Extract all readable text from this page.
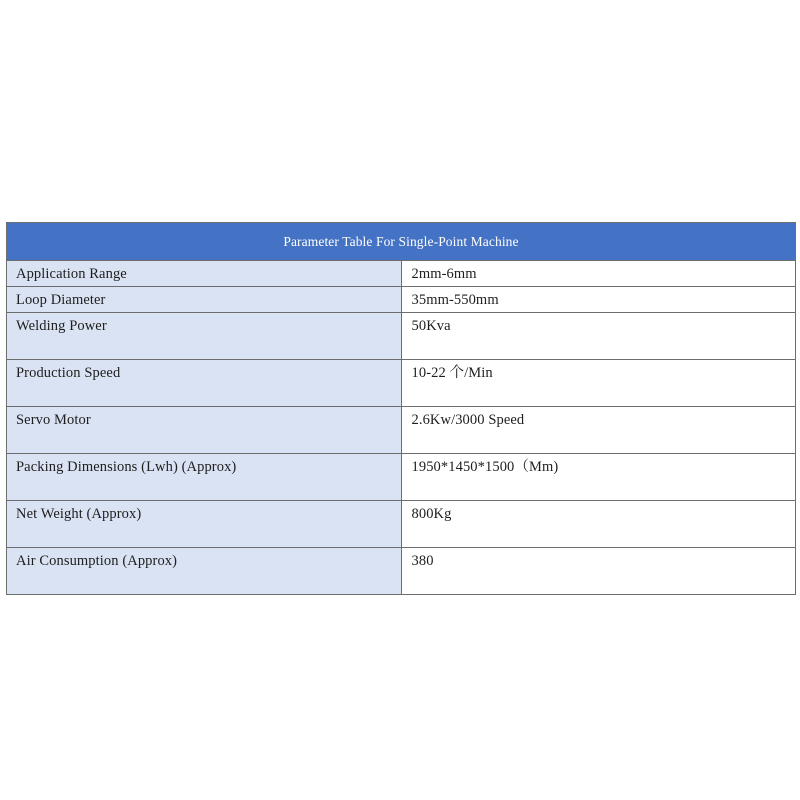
Parameter Table For Single-Point Machine	

Application Range	2mm-6mm

Loop Diameter	35mm-550mm

Welding Power	50Kva

Production Speed	10-22 个/Min

Servo Motor	2.6Kw/3000 Speed

Packing Dimensions (Lwh) (Approx)	1950*1450*1500（Mm)

Net Weight (Approx)	800Kg

Air Consumption (Approx)	380
